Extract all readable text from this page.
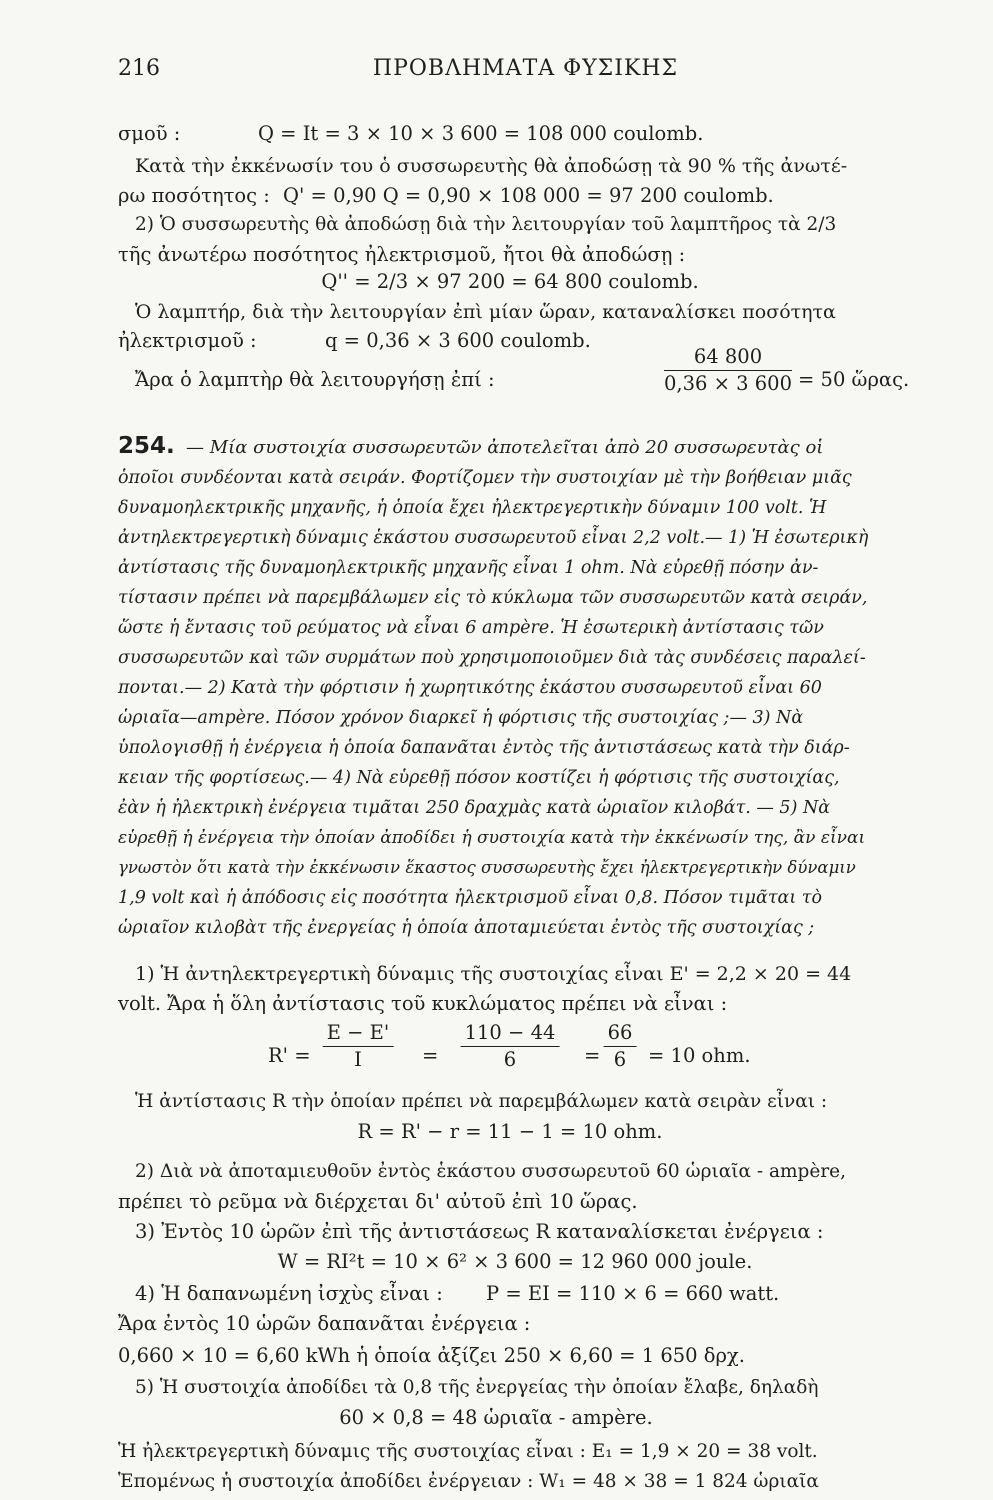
216	ΠΡΟΒΛΗΜΑΤΑ ΦΥΣΙΚΗΣ
σμοῦ :	Q = It = 3 × 10 × 3 600 = 108 000 coulomb.
Κατὰ τὴν ἐκκένωσίν του ὁ συσσωρευτὴς θὰ ἀποδώσῃ τὰ 90 % τῆς ἀνωτέ-
ρω ποσότητος : Q' = 0,90 Q = 0,90 × 108 000 = 97 200 coulomb.
2) Ὁ συσσωρευτὴς θὰ ἀποδώσῃ διὰ τὴν λειτουργίαν τοῦ λαμπτῆρος τὰ 2/3
τῆς ἀνωτέρω ποσότητος ἠλεκτρισμοῦ, ἤτοι θὰ ἀποδώσῃ :
Q'' = 2/3 × 97 200 = 64 800 coulomb.
Ὁ λαμπτήρ, διὰ τὴν λειτουργίαν ἐπὶ μίαν ὥραν, καταναλίσκει ποσότητα
ἠλεκτρισμοῦ :	q = 0,36 × 3 600 coulomb.
Ἄρα ὁ λαμπτὴρ θὰ λειτουργήσῃ ἐπί :	$\frac{64 800}{0,36 \times 3 600} = 50$ ὥρας.
254. — Μία συστοιχία συσσωρευτῶν ἀποτελεῖται ἀπὸ 20 συσσωρευτὰς οἱ
ὁποῖοι συνδέονται κατὰ σειράν. Φορτίζομεν τὴν συστοιχίαν μὲ τὴν βοήθειαν μιᾶς
δυναμοηλεκτρικῆς μηχανῆς, ἡ ὁποία ἔχει ἠλεκτρεγερτικὴν δύναμιν 100 volt. Ἡ
ἀντηλεκτρεγερτικὴ δύναμις ἑκάστου συσσωρευτοῦ εἶναι 2,2 volt.— 1) Ἡ ἐσωτερικὴ
ἀντίστασις τῆς δυναμοηλεκτρικῆς μηχανῆς εἶναι 1 ohm. Νὰ εὑρεθῇ πόσην ἀν-
τίστασιν πρέπει νὰ παρεμβάλωμεν εἰς τὸ κύκλωμα τῶν συσσωρευτῶν κατὰ σειράν,
ὥστε ἡ ἔντασις τοῦ ρεύματος νὰ εἶναι 6 ampère. Ἡ ἐσωτερικὴ ἀντίστασις τῶν
συσσωρευτῶν καὶ τῶν συρμάτων ποὺ χρησιμοποιοῦμεν διὰ τὰς συνδέσεις παραλεί-
πονται.— 2) Κατὰ τὴν φόρτισιν ἡ χωρητικότης ἑκάστου συσσωρευτοῦ εἶναι 60
ὡριαῖα—ampère. Πόσον χρόνον διαρκεῖ ἡ φόρτισις τῆς συστοιχίας ;— 3) Νὰ
ὑπολογισθῇ ἡ ἐνέργεια ἡ ὁποία δαπανᾶται ἐντὸς τῆς ἀντιστάσεως κατὰ τὴν διάρ-
κειαν τῆς φορτίσεως.— 4) Νὰ εὑρεθῇ πόσον κοστίζει ἡ φόρτισις τῆς συστοιχίας,
ἐὰν ἡ ἠλεκτρικὴ ἐνέργεια τιμᾶται 250 δραχμὰς κατὰ ὡριαῖον κιλοβάτ. — 5) Νὰ
εὑρεθῇ ἡ ἐνέργεια τὴν ὁποίαν ἀποδίδει ἡ συστοιχία κατὰ τὴν ἐκκένωσίν της, ἂν εἶναι
γνωστὸν ὅτι κατὰ τὴν ἐκκένωσιν ἕκαστος συσσωρευτὴς ἔχει ἠλεκτρεγερτικὴν δύναμιν
1,9 volt καὶ ἡ ἀπόδοσις εἰς ποσότητα ἠλεκτρισμοῦ εἶναι 0,8. Πόσον τιμᾶται τὸ
ὡριαῖον κιλοβὰτ τῆς ἐνεργείας ἡ ὁποία ἀποταμιεύεται ἐντὸς τῆς συστοιχίας ;
1) Ἡ ἀντηλεκτρεγερτικὴ δύναμις τῆς συστοιχίας εἶναι E' = 2,2 × 20 = 44
volt. Ἄρα ἡ ὅλη ἀντίστασις τοῦ κυκλώματος πρέπει νὰ εἶναι :
$R' = \frac{E - E'}{I} = \frac{110 - 44}{6} = \frac{66}{6} = 10$ ohm.
Ἡ ἀντίστασις R τὴν ὁποίαν πρέπει νὰ παρεμβάλωμεν κατὰ σειρὰν εἶναι :
R = R' − r = 11 − 1 = 10 ohm.
2) Διὰ νὰ ἀποταμιευθοῦν ἐντὸς ἑκάστου συσσωρευτοῦ 60 ὡριαῖα - ampère,
πρέπει τὸ ρεῦμα νὰ διέρχεται δι' αὐτοῦ ἐπὶ 10 ὥρας.
3) Ἐντὸς 10 ὡρῶν ἐπὶ τῆς ἀντιστάσεως R καταναλίσκεται ἐνέργεια :
W = RI²t = 10 × 6² × 3 600 = 12 960 000 joule.
4) Ἡ δαπανωμένη ἰσχὺς εἶναι : P = EI = 110 × 6 = 660 watt.
Ἄρα ἐντὸς 10 ὡρῶν δαπανᾶται ἐνέργεια :
0,660 × 10 = 6,60 kWh ἡ ὁποία ἀξίζει 250 × 6,60 = 1 650 δρχ.
5) Ἡ συστοιχία ἀποδίδει τὰ 0,8 τῆς ἐνεργείας τὴν ὁποίαν ἔλαβε, δηλαδὴ
60 × 0,8 = 48 ὡριαῖα - ampère.
Ἡ ἠλεκτρεγερτικὴ δύναμις τῆς συστοιχίας εἶναι : E₁ = 1,9 × 20 = 38 volt.
Ἑπομένως ἡ συστοιχία ἀποδίδει ἐνέργειαν : W₁ = 48 × 38 = 1 824 ὡριαῖα
